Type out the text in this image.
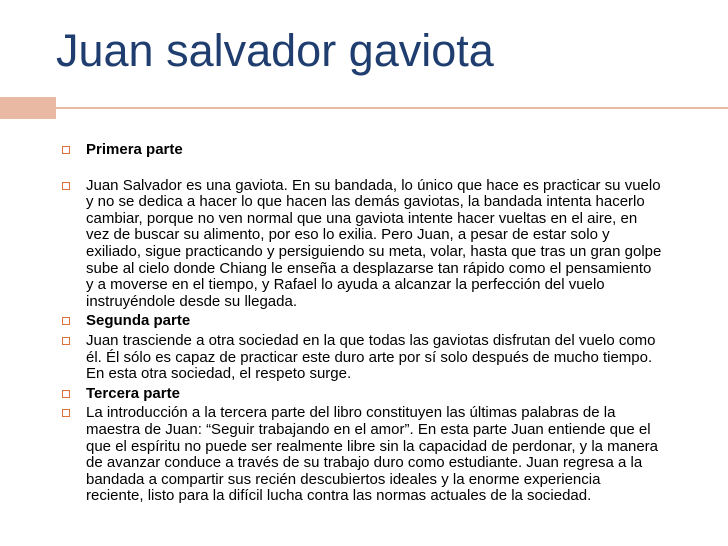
Juan salvador gaviota
Primera parte
Juan Salvador es una gaviota. En su bandada, lo único que hace es practicar su vuelo y no se dedica a hacer lo que hacen las demás gaviotas, la bandada intenta hacerlo cambiar, porque no ven normal que una gaviota intente hacer vueltas en el aire, en vez de buscar su alimento, por eso lo exilia. Pero Juan, a pesar de estar solo y exiliado, sigue practicando y persiguiendo su meta, volar, hasta que tras un gran golpe sube al cielo donde Chiang le enseña a desplazarse tan rápido como el pensamiento y a moverse en el tiempo, y Rafael lo ayuda a alcanzar la perfección del vuelo instruyéndole desde su llegada.
Segunda parte
Juan trasciende a otra sociedad en la que todas las gaviotas disfrutan del vuelo como él. Él sólo es capaz de practicar este duro arte por sí solo después de mucho tiempo. En esta otra sociedad, el respeto surge.
Tercera parte
La introducción a la tercera parte del libro constituyen las últimas palabras de la maestra de Juan: “Seguir trabajando en el amor”. En esta parte Juan entiende que el que el espíritu no puede ser realmente libre sin la capacidad de perdonar, y la manera de avanzar conduce a través de su trabajo duro como estudiante. Juan regresa a la bandada a compartir sus recién descubiertos ideales y la enorme experiencia reciente, listo para la difícil lucha contra las normas actuales de la sociedad.
